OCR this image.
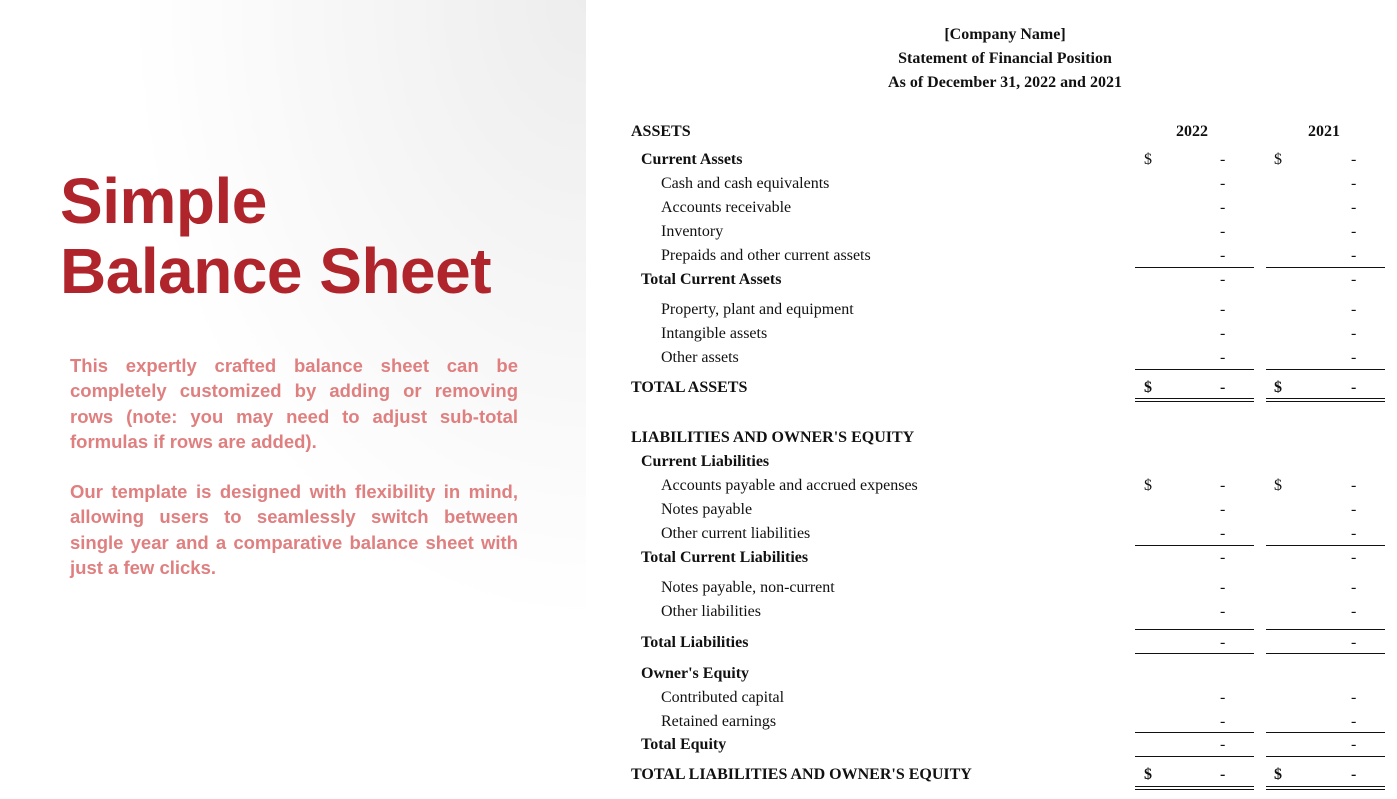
Simple
Balance Sheet

This expertly crafted balance sheet can be completely customized by adding or removing rows (note: you may need to adjust sub-total formulas if rows are added).

Our template is designed with flexibility in mind, allowing users to seamlessly switch between single year and a comparative balance sheet with just a few clicks.

[Company Name]
Statement of Financial Position
As of December 31, 2022 and 2021
ASSETS	2022	2021
Current Assets	$	-	$	-
Cash and cash equivalents	-	-
Accounts receivable	-	-
Inventory	-	-
Prepaids and other current assets	-	-
Total Current Assets	-	-
Property, plant and equipment	-	-
Intangible assets	-	-
Other assets	-	-
TOTAL ASSETS	$	-	$	-
LIABILITIES AND OWNER'S EQUITY
Current Liabilities
Accounts payable and accrued expenses	$	-	$	-
Notes payable	-	-
Other current liabilities	-	-
Total Current Liabilities	-	-
Notes payable, non-current	-	-
Other liabilities	-	-
Total Liabilities	-	-
Owner's Equity
Contributed capital	-	-
Retained earnings	-	-
Total Equity	-	-
TOTAL LIABILITIES AND OWNER'S EQUITY	$	-	$	-
